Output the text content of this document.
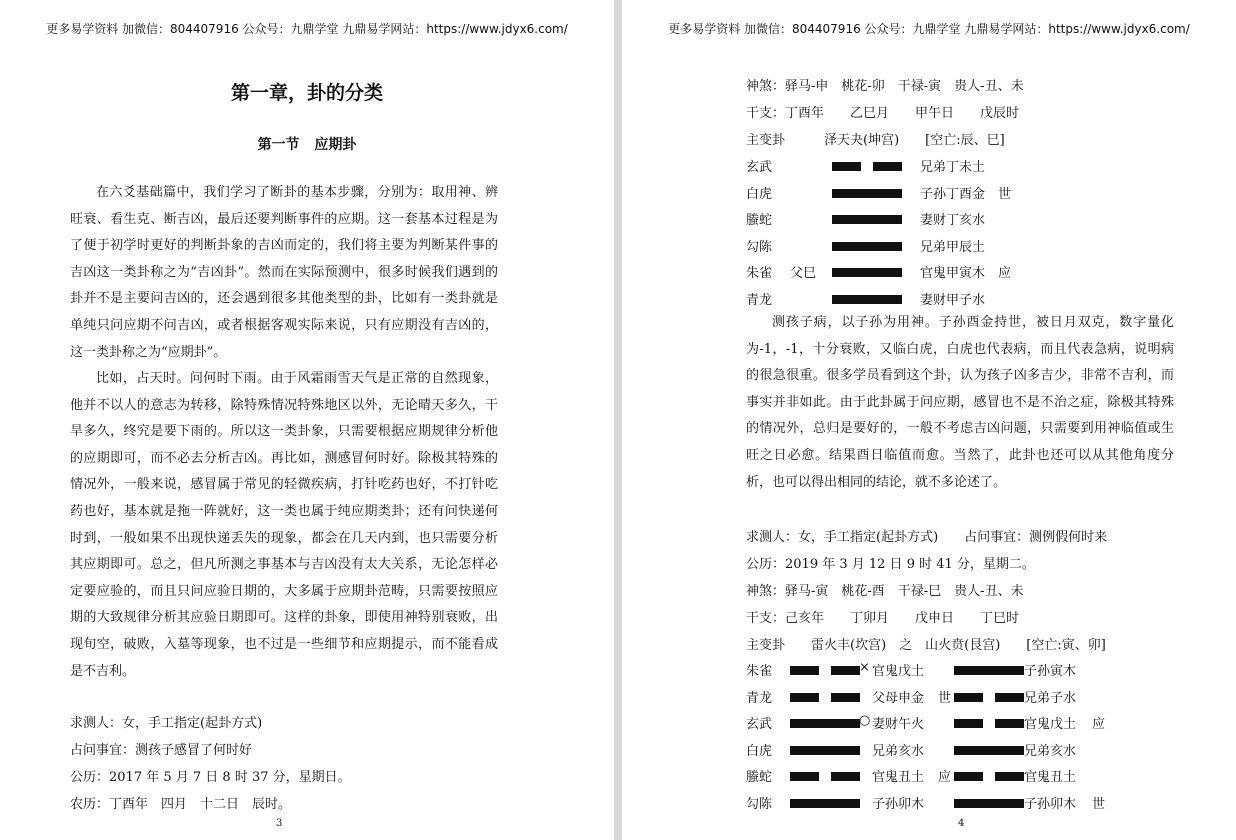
更多易学资料 加微信：804407916 公众号：九鼎学堂 九鼎易学网站：https://www.jdyx6.com/
第一章，卦的分类
第一节 应期卦

在六爻基础篇中，我们学习了断卦的基本步骤，分别为：取用神、辨旺衰、看生克、断吉凶，最后还要判断事件的应期。这一套基本过程是为了便于初学时更好的判断卦象的吉凶而定的，我们将主要为判断某件事的吉凶这一类卦称之为“吉凶卦”。然而在实际预测中，很多时候我们遇到的卦并不是主要问吉凶的，还会遇到很多其他类型的卦，比如有一类卦就是单纯只问应期不问吉凶，或者根据客观实际来说，只有应期没有吉凶的，这一类卦称之为“应期卦”。

比如，占天时。问何时下雨。由于风霜雨雪天气是正常的自然现象，他并不以人的意志为转移，除特殊情况特殊地区以外，无论晴天多久，干旱多久，终究是要下雨的。所以这一类卦象，只需要根据应期规律分析他的应期即可，而不必去分析吉凶。再比如，测感冒何时好。除极其特殊的情况外，一般来说，感冒属于常见的轻微疾病，打针吃药也好，不打针吃药也好，基本就是拖一阵就好，这一类也属于纯应期类卦；还有问快递何时到，一般如果不出现快递丢失的现象，都会在几天内到，也只需要分析其应期即可。总之，但凡所测之事基本与吉凶没有太大关系，无论怎样必定要应验的，而且只问应验日期的，大多属于应期卦范畴，只需要按照应期的大致规律分析其应验日期即可。这样的卦象，即使用神特别衰败，出现旬空，破败，入墓等现象，也不过是一些细节和应期提示，而不能看成是不吉利。

求测人：女，手工指定(起卦方式)
占问事宜：测孩子感冒了何时好
公历：2017 年 5 月 7 日 8 时 37 分，星期日。
农历：丁酉年　四月　十二日　辰时。
3
更多易学资料 加微信：804407916 公众号：九鼎学堂 九鼎易学网站：https://www.jdyx6.com/
神煞：驿马-申　桃花-卯　干禄-寅　贵人-丑、未
干支：丁酉年　　乙巳月　　甲午日　　戊辰时
主变卦　　　泽天夬(坤宫)　　[空亡:辰、巳]
玄武	兄弟丁未土
白虎	子孙丁酉金　世
螣蛇	妻财丁亥水
勾陈	兄弟甲辰土
朱雀 父巳	官鬼甲寅木　应
青龙	妻财甲子水

测孩子病，以子孙为用神。子孙酉金持世，被日月双克，数字量化为-1，-1，十分衰败，又临白虎，白虎也代表病，而且代表急病，说明病的很急很重。很多学员看到这个卦，认为孩子凶多吉少，非常不吉利，而事实并非如此。由于此卦属于问应期，感冒也不是不治之症，除极其特殊的情况外，总归是要好的，一般不考虑吉凶问题，只需要到用神临值或生旺之日必愈。结果酉日临值而愈。当然了，此卦也还可以从其他角度分析，也可以得出相同的结论，就不多论述了。

求测人：女，手工指定(起卦方式)　　占问事宜：测例假何时来
公历：2019 年 3 月 12 日 9 时 41 分，星期二。
神煞：驿马-寅　桃花-酉　干禄-巳　贵人-丑、未
干支：己亥年　　丁卯月　　戊申日　　丁巳时
主变卦　　雷火丰(坎宫)　之　山火贲(艮宫)　　[空亡:寅、卯]
朱雀	× 官鬼戊土	子孙寅木
青龙	父母申金 世	兄弟子水
玄武	○ 妻财午火	官鬼戊土 应
白虎	兄弟亥水	兄弟亥水
螣蛇	官鬼丑土 应	官鬼丑土
勾陈	子孙卯木	子孙卯木 世
4
